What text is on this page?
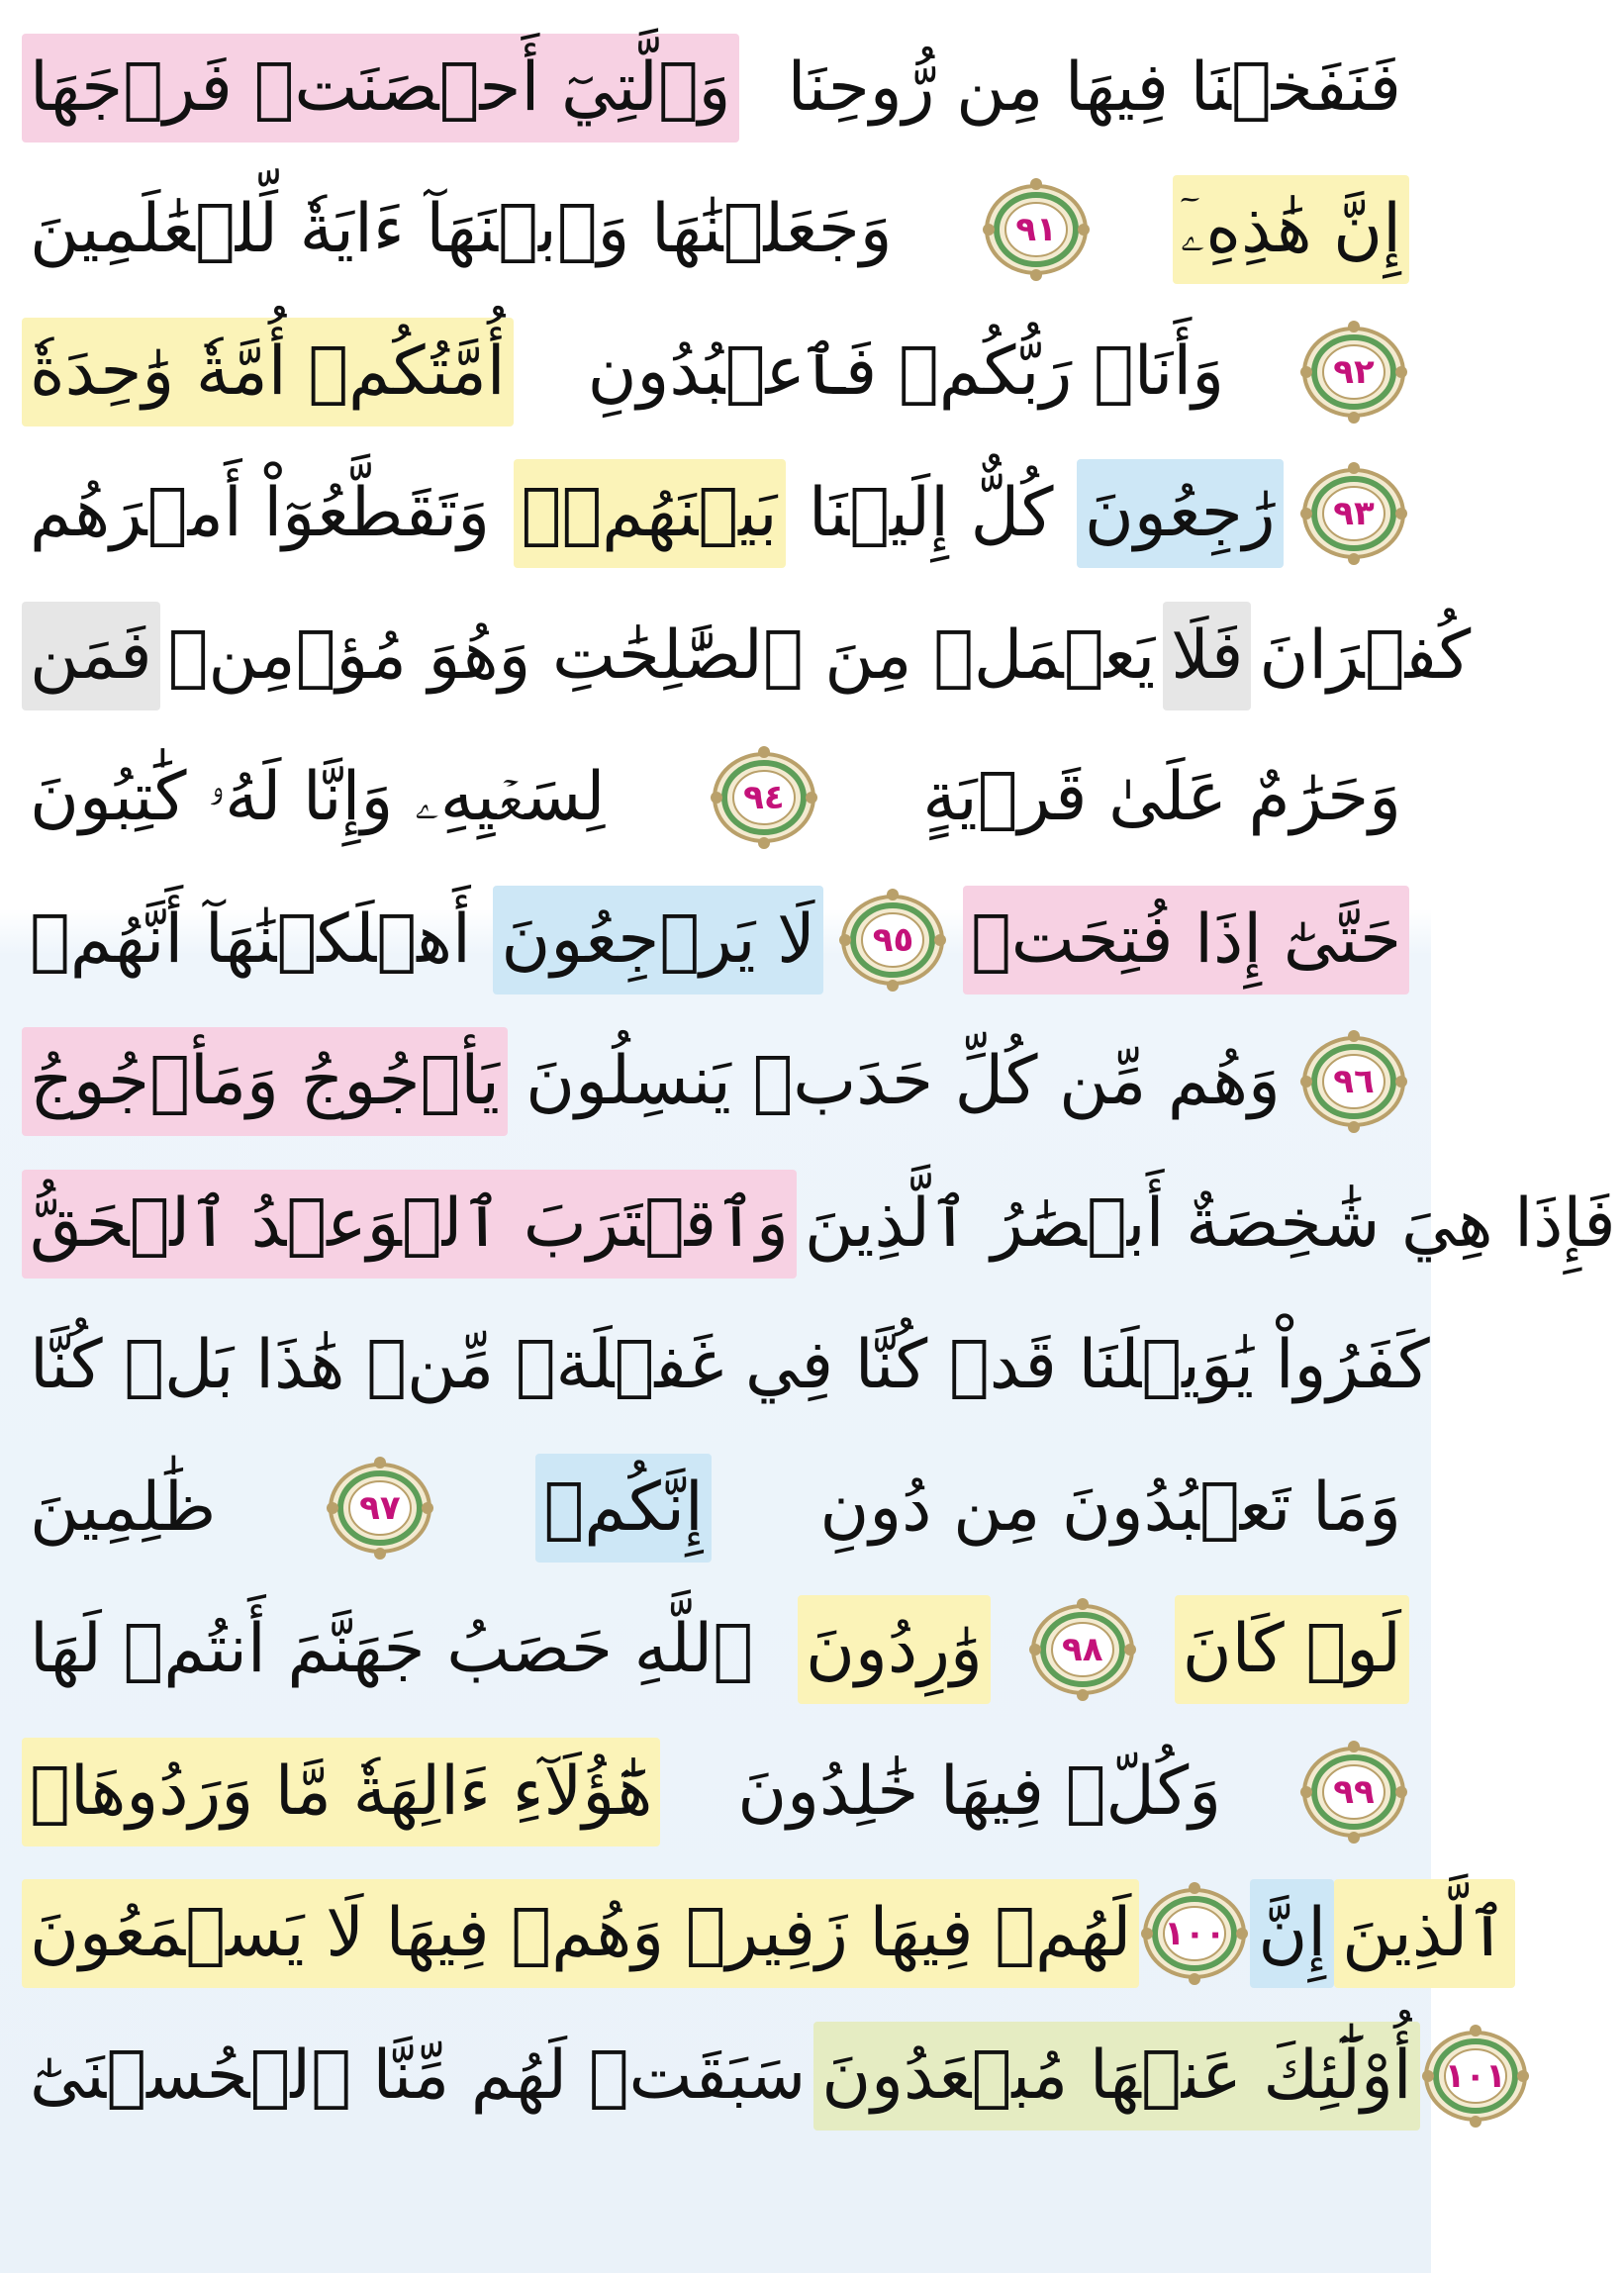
وَٱلَّتِيٓ أَحۡصَنَتۡ فَرۡجَهَا فَنَفَخۡنَا فِيهَا مِن رُّوحِنَا
وَجَعَلۡنَٰهَا وَٱبۡنَهَآ ءَايَةٗ لِّلۡعَٰلَمِينَ	٩١ إِنَّ هَٰذِهِۦٓ
أُمَّتُكُمۡ أُمَّةٗ وَٰحِدَةٗ وَأَنَا۠ رَبُّكُمۡ فَٱعۡبُدُونِ	٩٢
وَتَقَطَّعُوٓاْ أَمۡرَهُم بَيۡنَهُمۡۖ كُلٌّ إِلَيۡنَا رَٰجِعُونَ ٩٣
فَمَن يَعۡمَلۡ مِنَ ٱلصَّٰلِحَٰتِ وَهُوَ مُؤۡمِنٞ فَلَا كُفۡرَانَ
لِسَعۡيِهِۦ وَإِنَّا لَهُۥ كَٰتِبُونَ	٩٤ وَحَرَٰمٌ عَلَىٰ قَرۡيَةٍ
أَهۡلَكۡنَٰهَآ أَنَّهُمۡ لَا يَرۡجِعُونَ ٩٥ حَتَّىٰٓ إِذَا فُتِحَتۡ
يَأۡجُوجُ وَمَأۡجُوجُ وَهُم مِّن كُلِّ حَدَبٖ يَنسِلُونَ ٩٦
وَٱقۡتَرَبَ ٱلۡوَعۡدُ ٱلۡحَقُّ فَإِذَا هِيَ شَٰخِصَةٌ أَبۡصَٰرُ ٱلَّذِينَ
كَفَرُواْ يَٰوَيۡلَنَا قَدۡ كُنَّا فِي غَفۡلَةٖ مِّنۡ هَٰذَا بَلۡ كُنَّا
ظَٰلِمِينَ	٩٧ إِنَّكُمۡ وَمَا تَعۡبُدُونَ مِن دُونِ
ٱللَّهِ حَصَبُ جَهَنَّمَ أَنتُمۡ لَهَا وَٰرِدُونَ ٩٨ لَوۡ كَانَ
هَٰٓؤُلَآءِ ءَالِهَةٗ مَّا وَرَدُوهَاۖ وَكُلّٞ فِيهَا خَٰلِدُونَ	٩٩
لَهُمۡ فِيهَا زَفِيرٞ وَهُمۡ فِيهَا لَا يَسۡمَعُونَ ١٠٠ إِنَّ ٱلَّذِينَ
سَبَقَتۡ لَهُم مِّنَّا ٱلۡحُسۡنَىٰٓ أُوْلَٰٓئِكَ عَنۡهَا مُبۡعَدُونَ ١٠١
